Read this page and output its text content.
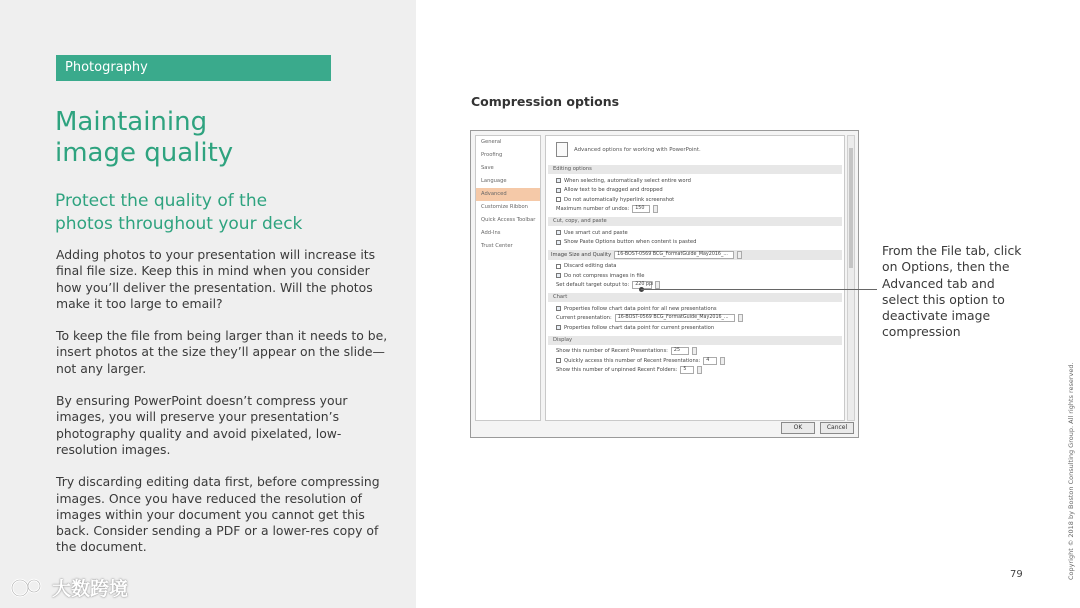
Photography
Maintaining
image quality
Protect the quality of the
photos throughout your deck

Adding photos to your presentation will increase its final file size. Keep this in mind when you consider how you’ll deliver the presentation. Will the photos make it too large to email?

To keep the file from being larger than it needs to be, insert photos at the size they’ll appear on the slide—not any larger.

By ensuring PowerPoint doesn’t compress your images, you will preserve your presentation’s photography quality and avoid pixelated, low-resolution images.

Try discarding editing data first, before compressing images. Once you have reduced the resolution of images within your document you cannot get this back. Consider sending a PDF or a lower-res copy of the document.

大数跨境
Compression options
General
Proofing
Save
Language
Advanced
Customize Ribbon
Quick Access Toolbar
Add-Ins
Trust Center
Advanced options for working with PowerPoint.
Editing options
When selecting, automatically select entire word
Allow text to be dragged and dropped
Do not automatically hyperlink screenshot
Maximum number of undos:	150
Cut, copy, and paste
Use smart cut and paste
Show Paste Options button when content is pasted
Image Size and Quality	16-BOST-0569 BCG_FormatGuide_May2016_...
Discard editing data
Do not compress images in file
Set default target output to:	220 ppi
Chart
Properties follow chart data point for all new presentations
Current presentation:	16-BOST-0569 BCG_FormatGuide_May2016_...
Properties follow chart data point for current presentation
Display
Show this number of Recent Presentations:	25
Quickly access this number of Recent Presentations:	4
Show this number of unpinned Recent Folders:	5
OK	Cancel
From the File tab, click on Options, then the Advanced tab and select this option to deactivate image compression
79	Copyright © 2018 by Boston Consulting Group. All rights reserved.
